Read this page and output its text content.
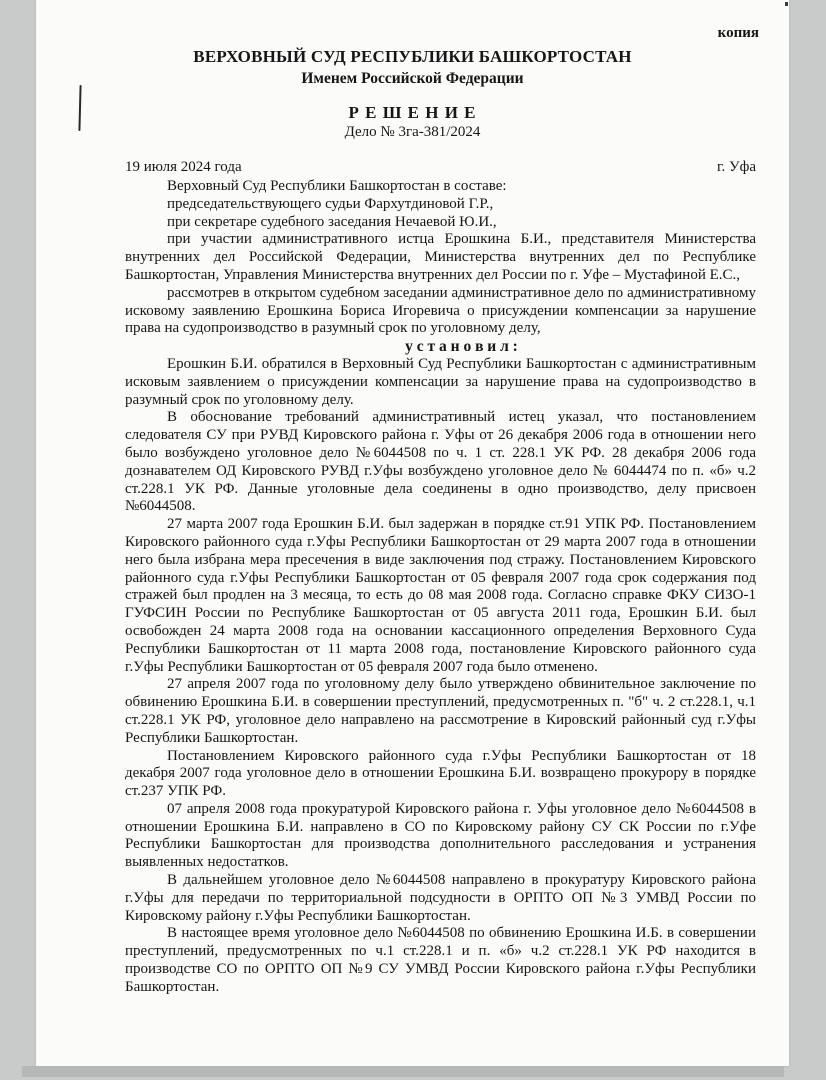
копия
ВЕРХОВНЫЙ СУД РЕСПУБЛИКИ БАШКОРТОСТАН
Именем Российской Федерации
Р Е Ш Е Н И Е
Дело № 3га-381/2024
19 июля 2024 года	г. Уфа

Верховный Суд Республики Башкортостан в составе:

председательствующего судьи Фархутдиновой Г.Р.,

при секретаре судебного заседания Нечаевой Ю.И.,

при участии административного истца Ерошкина Б.И., представителя Министерства внутренних дел Российской Федерации, Министерства внутренних дел по Республике Башкортостан, Управления Министерства внутренних дел России по г. Уфе – Мустафиной Е.С.,

рассмотрев в открытом судебном заседании административное дело по административному исковому заявлению Ерошкина Бориса Игоревича о присуждении компенсации за нарушение права на судопроизводство в разумный срок по уголовному делу,

у с т а н о в и л :

Ерошкин Б.И. обратился в Верховный Суд Республики Башкортостан с административным исковым заявлением о присуждении компенсации за нарушение права на судопроизводство в разумный срок по уголовному делу.

В обоснование требований административный истец указал, что постановлением следователя СУ при РУВД Кировского района г. Уфы от 26 декабря 2006 года в отношении него было возбуждено уголовное дело №6044508 по ч. 1 ст. 228.1 УК РФ. 28 декабря 2006 года дознавателем ОД Кировского РУВД г.Уфы возбуждено уголовное дело № 6044474 по п. «б» ч.2 ст.228.1 УК РФ. Данные уголовные дела соединены в одно производство, делу присвоен №6044508.

27 марта 2007 года Ерошкин Б.И. был задержан в порядке ст.91 УПК РФ. Постановлением Кировского районного суда г.Уфы Республики Башкортостан от 29 марта 2007 года в отношении него была избрана мера пресечения в виде заключения под стражу. Постановлением Кировского районного суда г.Уфы Республики Башкортостан от 05 февраля 2007 года срок содержания под стражей был продлен на 3 месяца, то есть до 08 мая 2008 года. Согласно справке ФКУ СИЗО-1 ГУФСИН России по Республике Башкортостан от 05 августа 2011 года, Ерошкин Б.И. был освобожден 24 марта 2008 года на основании кассационного определения Верховного Суда Республики Башкортостан от 11 марта 2008 года, постановление Кировского районного суда г.Уфы Республики Башкортостан от 05 февраля 2007 года было отменено.

27 апреля 2007 года по уголовному делу было утверждено обвинительное заключение по обвинению Ерошкина Б.И. в совершении преступлений, предусмотренных п. "б" ч. 2 ст.228.1, ч.1 ст.228.1 УК РФ, уголовное дело направлено на рассмотрение в Кировский районный суд г.Уфы Республики Башкортостан.

Постановлением Кировского районного суда г.Уфы Республики Башкортостан от 18 декабря 2007 года уголовное дело в отношении Ерошкина Б.И. возвращено прокурору в порядке ст.237 УПК РФ.

07 апреля 2008 года прокуратурой Кировского района г. Уфы уголовное дело №6044508 в отношении Ерошкина Б.И. направлено в СО по Кировскому району СУ СК России по г.Уфе Республики Башкортостан для производства дополнительного расследования и устранения выявленных недостатков.

В дальнейшем уголовное дело №6044508 направлено в прокуратуру Кировского района г.Уфы для передачи по территориальной подсудности в ОРПТО ОП №3 УМВД России по Кировскому району г.Уфы Республики Башкортостан.

В настоящее время уголовное дело №6044508 по обвинению Ерошкина И.Б. в совершении преступлений, предусмотренных по ч.1 ст.228.1 и п. «б» ч.2 ст.228.1 УК РФ находится в производстве СО по ОРПТО ОП №9 СУ УМВД России Кировского района г.Уфы Республики Башкортостан.
